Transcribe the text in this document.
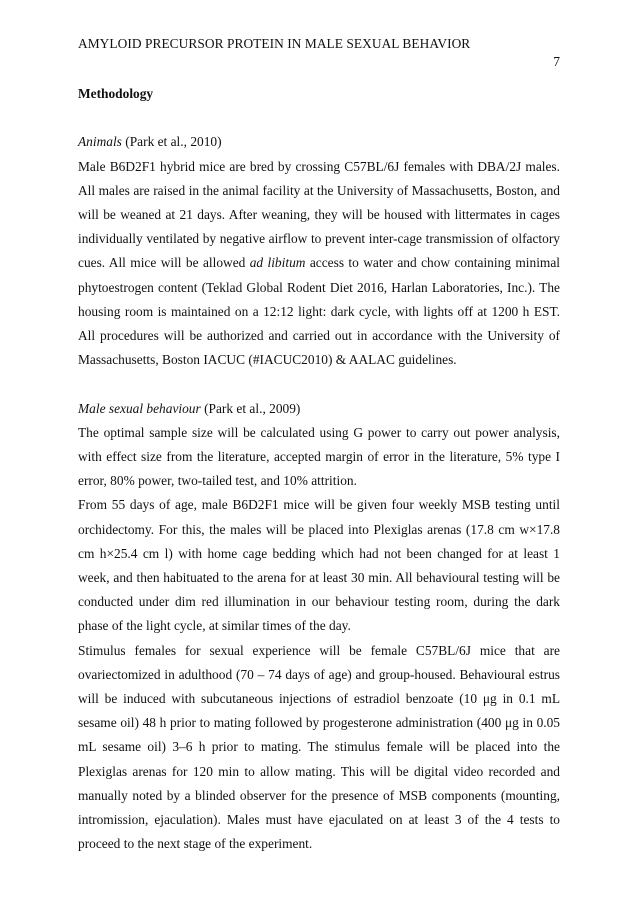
AMYLOID PRECURSOR PROTEIN IN MALE SEXUAL BEHAVIOR
7

Methodology

Animals (Park et al., 2010)

Male B6D2F1 hybrid mice are bred by crossing C57BL/6J females with DBA/2J males. All males are raised in the animal facility at the University of Massachusetts, Boston, and will be weaned at 21 days. After weaning, they will be housed with littermates in cages individually ventilated by negative airflow to prevent inter-cage transmission of olfactory cues. All mice will be allowed ad libitum access to water and chow containing minimal phytoestrogen content (Teklad Global Rodent Diet 2016, Harlan Laboratories, Inc.). The housing room is maintained on a 12:12 light: dark cycle, with lights off at 1200 h EST. All procedures will be authorized and carried out in accordance with the University of Massachusetts, Boston IACUC (#IACUC2010) & AALAC guidelines.

Male sexual behaviour (Park et al., 2009)

The optimal sample size will be calculated using G power to carry out power analysis, with effect size from the literature, accepted margin of error in the literature, 5% type I error, 80% power, two-tailed test, and 10% attrition.

From 55 days of age, male B6D2F1 mice will be given four weekly MSB testing until orchidectomy. For this, the males will be placed into Plexiglas arenas (17.8 cm w×17.8 cm h×25.4 cm l) with home cage bedding which had not been changed for at least 1 week, and then habituated to the arena for at least 30 min. All behavioural testing will be conducted under dim red illumination in our behaviour testing room, during the dark phase of the light cycle, at similar times of the day.

Stimulus females for sexual experience will be female C57BL/6J mice that are ovariectomized in adulthood (70 – 74 days of age) and group-housed. Behavioural estrus will be induced with subcutaneous injections of estradiol benzoate (10 μg in 0.1 mL sesame oil) 48 h prior to mating followed by progesterone administration (400 μg in 0.05 mL sesame oil) 3–6 h prior to mating. The stimulus female will be placed into the Plexiglas arenas for 120 min to allow mating. This will be digital video recorded and manually noted by a blinded observer for the presence of MSB components (mounting, intromission, ejaculation). Males must have ejaculated on at least 3 of the 4 tests to proceed to the next stage of the experiment.
